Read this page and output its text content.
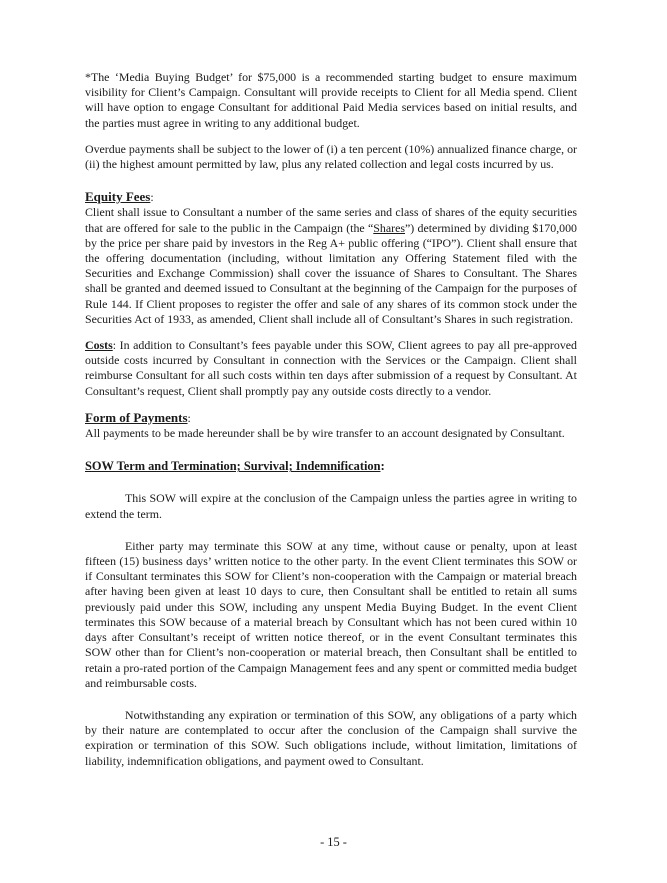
*The ‘Media Buying Budget’ for $75,000 is a recommended starting budget to ensure maximum visibility for Client’s Campaign. Consultant will provide receipts to Client for all Media spend. Client will have option to engage Consultant for additional Paid Media services based on initial results, and the parties must agree in writing to any additional budget.

Overdue payments shall be subject to the lower of (i) a ten percent (10%) annualized finance charge, or (ii) the highest amount permitted by law, plus any related collection and legal costs incurred by us.

Equity Fees:

Client shall issue to Consultant a number of the same series and class of shares of the equity securities that are offered for sale to the public in the Campaign (the “Shares”) determined by dividing $170,000 by the price per share paid by investors in the Reg A+ public offering (“IPO”). Client shall ensure that the offering documentation (including, without limitation any Offering Statement filed with the Securities and Exchange Commission) shall cover the issuance of Shares to Consultant. The Shares shall be granted and deemed issued to Consultant at the beginning of the Campaign for the purposes of Rule 144. If Client proposes to register the offer and sale of any shares of its common stock under the Securities Act of 1933, as amended, Client shall include all of Consultant’s Shares in such registration.

Costs: In addition to Consultant’s fees payable under this SOW, Client agrees to pay all pre-approved outside costs incurred by Consultant in connection with the Services or the Campaign. Client shall reimburse Consultant for all such costs within ten days after submission of a request by Consultant. At Consultant’s request, Client shall promptly pay any outside costs directly to a vendor.

Form of Payments:

All payments to be made hereunder shall be by wire transfer to an account designated by Consultant.

SOW Term and Termination; Survival; Indemnification:

This SOW will expire at the conclusion of the Campaign unless the parties agree in writing to extend the term.

Either party may terminate this SOW at any time, without cause or penalty, upon at least fifteen (15) business days’ written notice to the other party. In the event Client terminates this SOW or if Consultant terminates this SOW for Client’s non-cooperation with the Campaign or material breach after having been given at least 10 days to cure, then Consultant shall be entitled to retain all sums previously paid under this SOW, including any unspent Media Buying Budget. In the event Client terminates this SOW because of a material breach by Consultant which has not been cured within 10 days after Consultant’s receipt of written notice thereof, or in the event Consultant terminates this SOW other than for Client’s non-cooperation or material breach, then Consultant shall be entitled to retain a pro-rated portion of the Campaign Management fees and any spent or committed media budget and reimbursable costs.

Notwithstanding any expiration or termination of this SOW, any obligations of a party which by their nature are contemplated to occur after the conclusion of the Campaign shall survive the expiration or termination of this SOW. Such obligations include, without limitation, limitations of liability, indemnification obligations, and payment owed to Consultant.

- 15 -
